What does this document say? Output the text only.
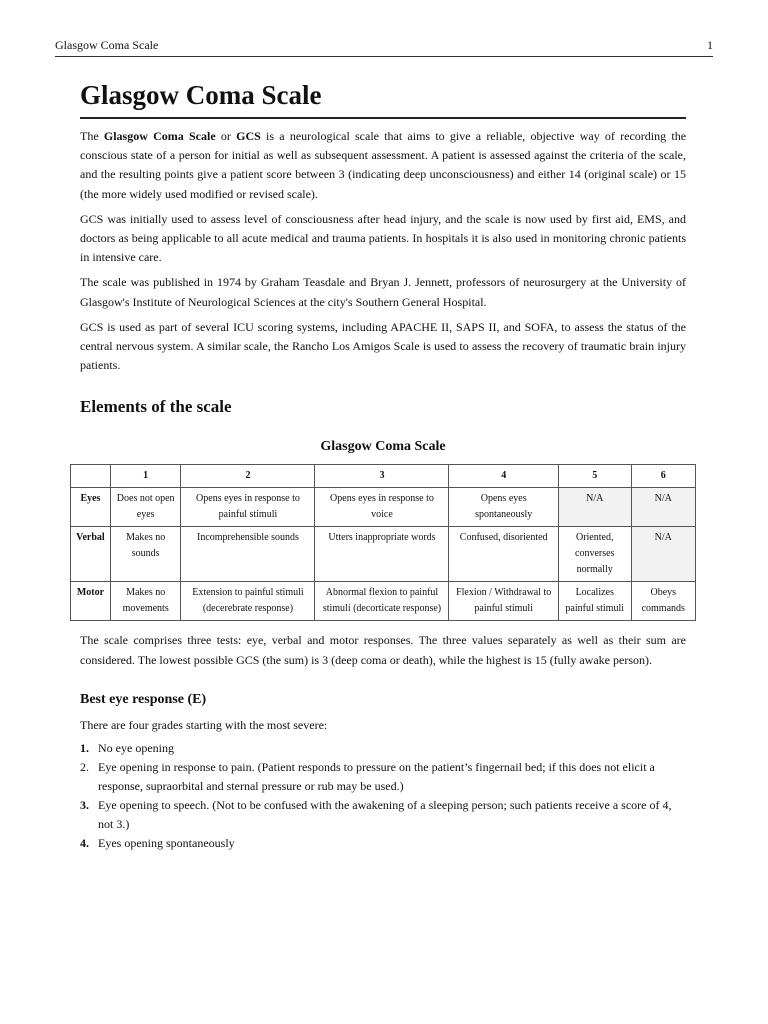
Glasgow Coma Scale	1
Glasgow Coma Scale

The Glasgow Coma Scale or GCS is a neurological scale that aims to give a reliable, objective way of recording the conscious state of a person for initial as well as subsequent assessment. A patient is assessed against the criteria of the scale, and the resulting points give a patient score between 3 (indicating deep unconsciousness) and either 14 (original scale) or 15 (the more widely used modified or revised scale).

GCS was initially used to assess level of consciousness after head injury, and the scale is now used by first aid, EMS, and doctors as being applicable to all acute medical and trauma patients. In hospitals it is also used in monitoring chronic patients in intensive care.

The scale was published in 1974 by Graham Teasdale and Bryan J. Jennett, professors of neurosurgery at the University of Glasgow's Institute of Neurological Sciences at the city's Southern General Hospital.

GCS is used as part of several ICU scoring systems, including APACHE II, SAPS II, and SOFA, to assess the status of the central nervous system. A similar scale, the Rancho Los Amigos Scale is used to assess the recovery of traumatic brain injury patients.

Elements of the scale
Glasgow Coma Scale
	1	2	3	4	5	6
Eyes	Does not open eyes	Opens eyes in response to painful stimuli	Opens eyes in response to voice	Opens eyes spontaneously	N/A	N/A
Verbal	Makes no sounds	Incomprehensible sounds	Utters inappropriate words	Confused, disoriented	Oriented, converses normally	N/A
Motor	Makes no movements	Extension to painful stimuli (decerebrate response)	Abnormal flexion to painful stimuli (decorticate response)	Flexion / Withdrawal to painful stimuli	Localizes painful stimuli	Obeys commands

The scale comprises three tests: eye, verbal and motor responses. The three values separately as well as their sum are considered. The lowest possible GCS (the sum) is 3 (deep coma or death), while the highest is 15 (fully awake person).

Best eye response (E)

There are four grades starting with the most severe:

1. No eye opening
2. Eye opening in response to pain. (Patient responds to pressure on the patient’s fingernail bed; if this does not elicit a response, supraorbital and sternal pressure or rub may be used.)
3. Eye opening to speech. (Not to be confused with the awakening of a sleeping person; such patients receive a score of 4, not 3.)
4. Eyes opening spontaneously
